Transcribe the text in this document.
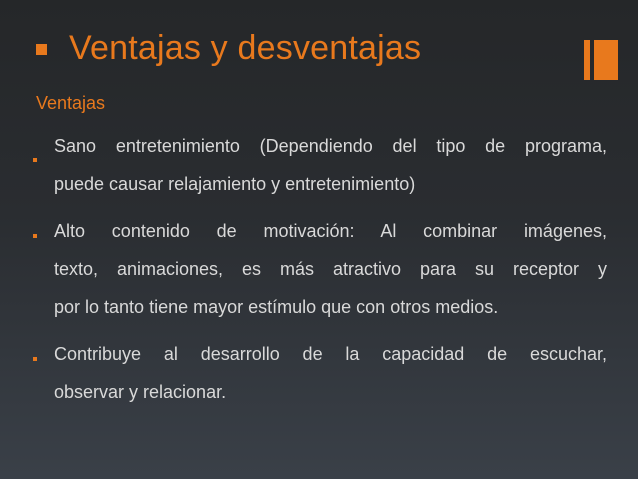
Ventajas y desventajas
Ventajas
Sano entretenimiento (Dependiendo del tipo de programa,
puede causar relajamiento y entretenimiento)
Alto contenido de motivación: Al combinar imágenes,
texto, animaciones, es más atractivo para su receptor y
por lo tanto tiene mayor estímulo que con otros medios.
Contribuye al desarrollo de la capacidad de escuchar,
observar y relacionar.
